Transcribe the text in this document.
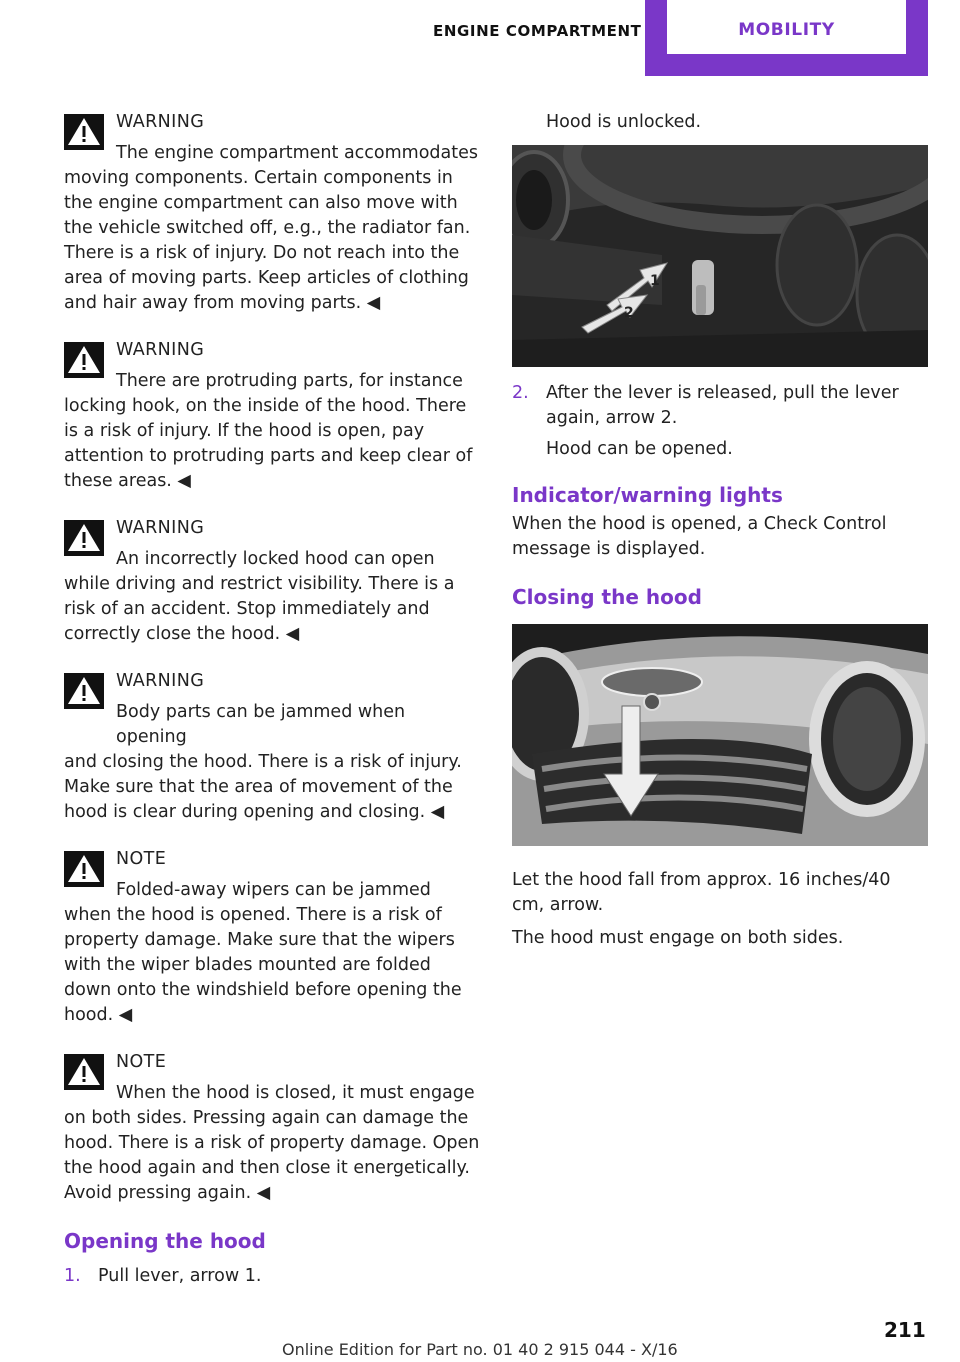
ENGINE COMPARTMENT	MOBILITY
WARNING
The engine compartment accommodates
moving components. Certain components in the engine compartment can also move with the vehicle switched off, e.g., the radiator fan. There is a risk of injury. Do not reach into the area of moving parts. Keep articles of clothing and hair away from moving parts. ◀
WARNING
There are protruding parts, for instance
locking hook, on the inside of the hood. There is a risk of injury. If the hood is open, pay attention to protruding parts and keep clear of these areas. ◀
WARNING
An incorrectly locked hood can open
while driving and restrict visibility. There is a risk of an accident. Stop immediately and correctly close the hood. ◀
WARNING
Body parts can be jammed when opening
and closing the hood. There is a risk of injury. Make sure that the area of movement of the hood is clear during opening and closing. ◀
NOTE
Folded-away wipers can be jammed
when the hood is opened. There is a risk of property damage. Make sure that the wipers with the wiper blades mounted are folded down onto the windshield before opening the hood. ◀
NOTE
When the hood is closed, it must engage
on both sides. Pressing again can damage the hood. There is a risk of property damage. Open the hood again and then close it energetically. Avoid pressing again. ◀
Opening the hood
1. Pull lever, arrow 1.
Hood is unlocked.
1
2
2. After the lever is released, pull the lever again, arrow 2.
Hood can be opened.
Indicator/warning lights

When the hood is opened, a Check Control message is displayed.

Closing the hood

Let the hood fall from approx. 16 inches/40 cm, arrow.

The hood must engage on both sides.

211
Online Edition for Part no. 01 40 2 915 044 - X/16
